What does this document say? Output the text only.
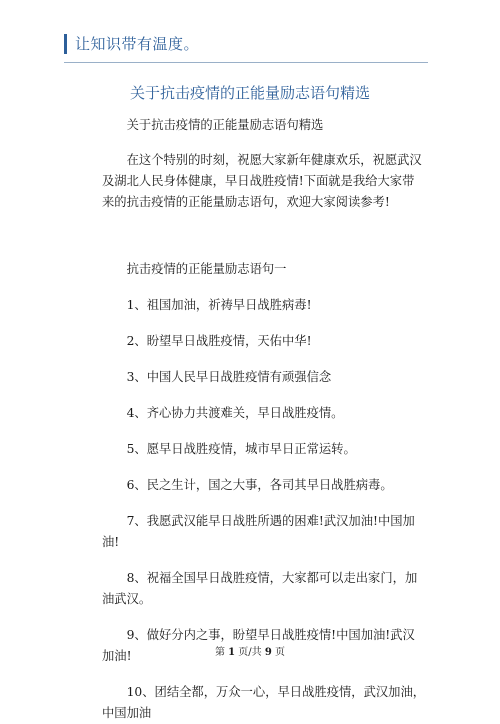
让知识带有温度。
关于抗击疫情的正能量励志语句精选

关于抗击疫情的正能量励志语句精选

在这个特别的时刻，祝愿大家新年健康欢乐，祝愿武汉及湖北人民身体健康，早日战胜疫情!下面就是我给大家带来的抗击疫情的正能量励志语句，欢迎大家阅读参考!

抗击疫情的正能量励志语句一

1、祖国加油，祈祷早日战胜病毒!

2、盼望早日战胜疫情，天佑中华!

3、中国人民早日战胜疫情有顽强信念

4、齐心协力共渡难关，早日战胜疫情。

5、愿早日战胜疫情，城市早日正常运转。

6、民之生计，国之大事，各司其早日战胜病毒。

7、我愿武汉能早日战胜所遇的困难!武汉加油!中国加油!

8、祝福全国早日战胜疫情，大家都可以走出家门，加油武汉。

9、做好分内之事，盼望早日战胜疫情!中国加油!武汉加油!

10、团结全都，万众一心，早日战胜疫情，武汉加油，中国加油

第 1 页/共 9 页
